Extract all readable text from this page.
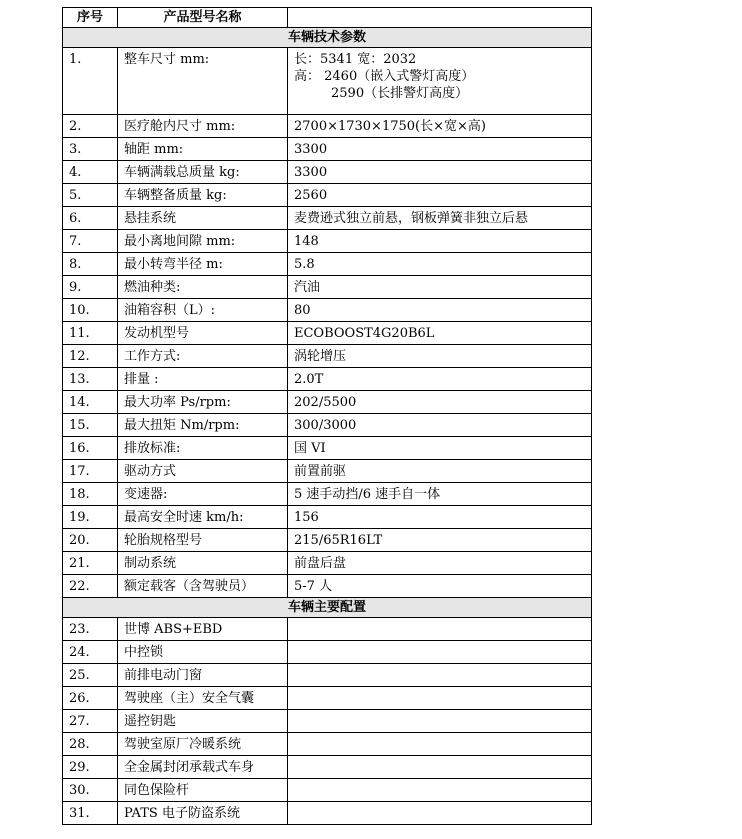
序号	产品型号名称	
车辆技术参数		
1.	整车尺寸 mm:	长：5341 宽：2032
高： 2460（嵌入式警灯高度）
2590（长排警灯高度）

2.	医疗舱内尺寸 mm:	2700×1730×1750(长×宽×高)
3.	轴距 mm:	3300
4.	车辆满载总质量 kg:	3300
5.	车辆整备质量 kg:	2560
6.	悬挂系统	麦费逊式独立前悬，钢板弹簧非独立后悬
7.	最小离地间隙 mm:	148
8.	最小转弯半径 m:	5.8
9.	燃油种类:	汽油
10.	油箱容积（L）:	80
11.	发动机型号	ECOBOOST4G20B6L
12.	工作方式:	涡轮增压
13.	排量 :	2.0T
14.	最大功率 Ps/rpm:	202/5500
15.	最大扭矩 Nm/rpm:	300/3000
16.	排放标准:	国 VI
17.	驱动方式	前置前驱
18.	变速器:	5 速手动挡/6 速手自一体
19.	最高安全时速 km/h:	156
20.	轮胎规格型号	215/65R16LT
21.	制动系统	前盘后盘
22.	额定载客（含驾驶员）	5-7 人
车辆主要配置		
23.	世博 ABS+EBD	
24.	中控锁	
25.	前排电动门窗	
26.	驾驶座（主）安全气囊	
27.	遥控钥匙	
28.	驾驶室原厂冷暖系统	
29.	全金属封闭承载式车身	
30.	同色保险杆	
31.	PATS 电子防盗系统	
